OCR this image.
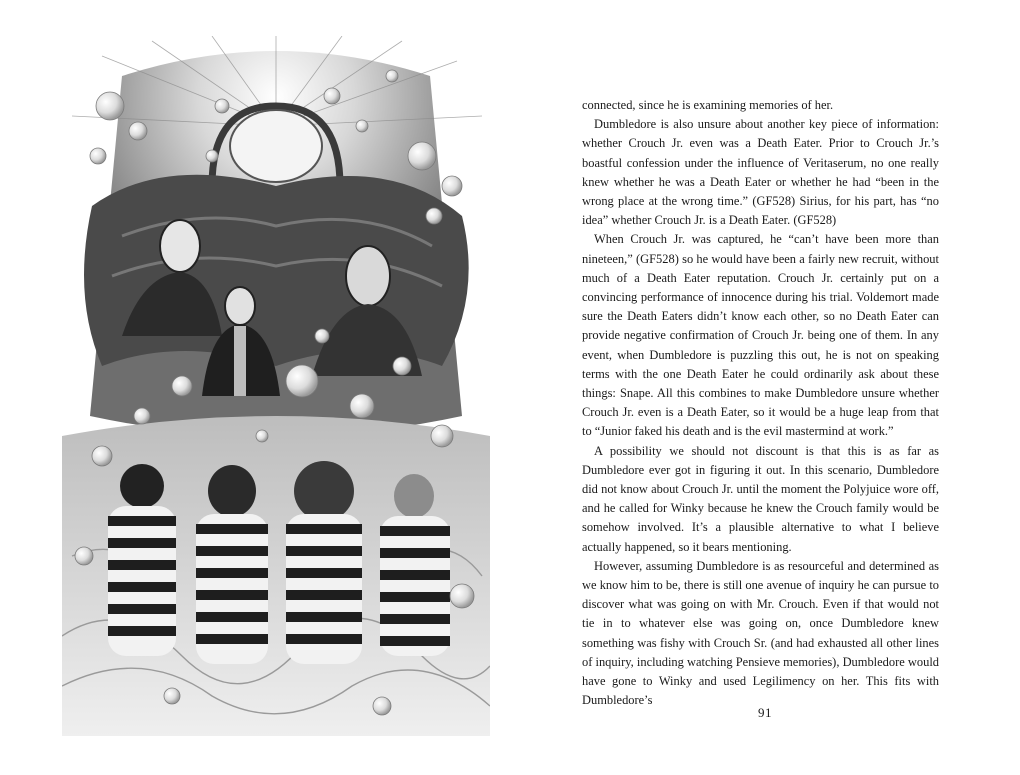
connected, since he is examining memories of her.

Dumbledore is also unsure about another key piece of information: whether Crouch Jr. even was a Death Eater. Prior to Crouch Jr.’s boastful confession under the influence of Veritaserum, no one really knew whether he was a Death Eater or whether he had “been in the wrong place at the wrong time.” (GF528) Sirius, for his part, has “no idea” whether Crouch Jr. is a Death Eater. (GF528)

When Crouch Jr. was captured, he “can’t have been more than nineteen,” (GF528) so he would have been a fairly new recruit, without much of a Death Eater reputation. Crouch Jr. certainly put on a convincing performance of innocence during his trial. Voldemort made sure the Death Eaters didn’t know each other, so no Death Eater can provide negative confirmation of Crouch Jr. being one of them. In any event, when Dumbledore is puzzling this out, he is not on speaking terms with the one Death Eater he could ordinarily ask about these things: Snape. All this combines to make Dumbledore unsure whether Crouch Jr. even is a Death Eater, so it would be a huge leap from that to “Junior faked his death and is the evil mastermind at work.”

A possibility we should not discount is that this is as far as Dumbledore ever got in figuring it out. In this scenario, Dumbledore did not know about Crouch Jr. until the moment the Polyjuice wore off, and he called for Winky because he knew the Crouch family would be somehow involved. It’s a plausible alternative to what I believe actually happened, so it bears mentioning.

However, assuming Dumbledore is as resourceful and determined as we know him to be, there is still one avenue of inquiry he can pursue to discover what was going on with Mr. Crouch. Even if that would not tie in to whatever else was going on, once Dumbledore knew something was fishy with Crouch Sr. (and had exhausted all other lines of inquiry, including watching Pensieve memories), Dumbledore would have gone to Winky and used Legilimency on her. This fits with Dumbledore’s

91
